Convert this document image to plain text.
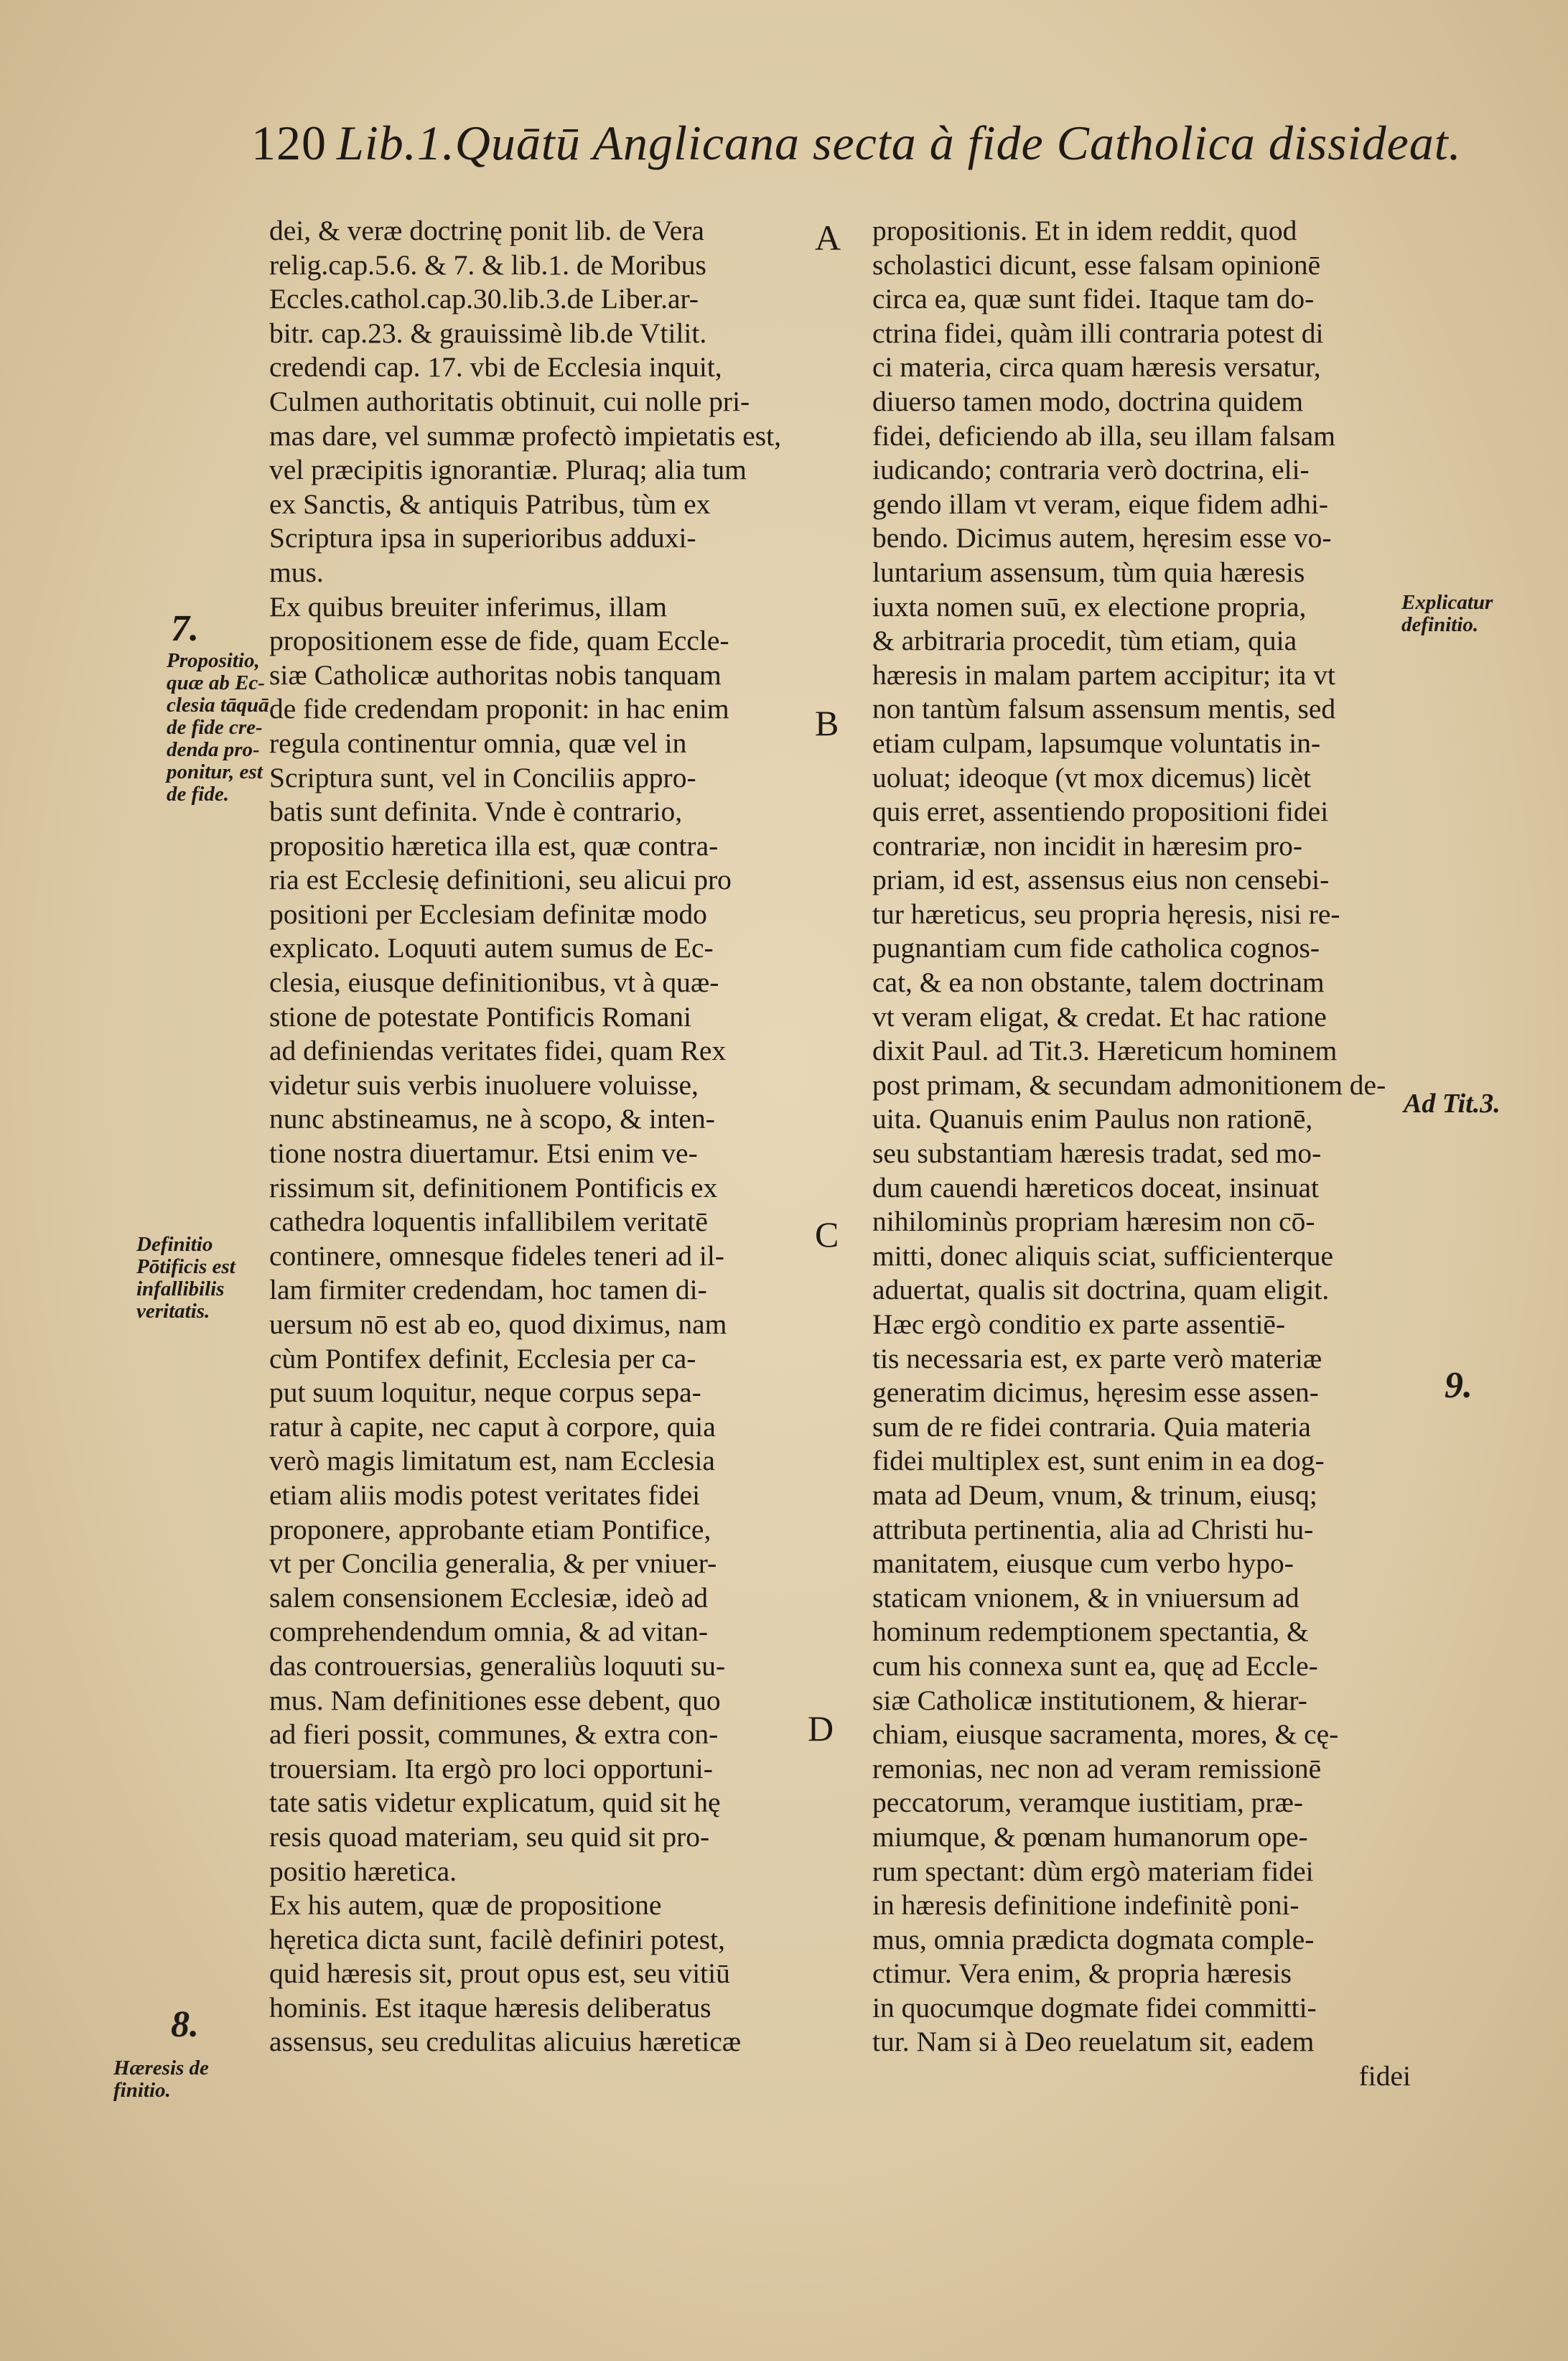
120 Lib.1.Quātū Anglicana secta à fide Catholica dissideat.
dei, & veræ doctrinę ponit lib. de Vera
relig.cap.5.6. & 7. & lib.1. de Moribus
Eccles.cathol.cap.30.lib.3.de Liber.ar-
bitr. cap.23. & grauissimè lib.de Vtilit.
credendi cap. 17. vbi de Ecclesia inquit,
Culmen authoritatis obtinuit, cui nolle pri-
mas dare, vel summæ profectò impietatis est,
vel præcipitis ignorantiæ. Pluraq; alia tum
ex Sanctis, & antiquis Patribus, tùm ex
Scriptura ipsa in superioribus adduxi-
mus.
Ex quibus breuiter inferimus, illam
propositionem esse de fide, quam Eccle-
siæ Catholicæ authoritas nobis tanquam
de fide credendam proponit: in hac enim
regula continentur omnia, quæ vel in
Scriptura sunt, vel in Conciliis appro-
batis sunt definita. Vnde è contrario,
propositio hæretica illa est, quæ contra-
ria est Ecclesię definitioni, seu alicui pro
positioni per Ecclesiam definitæ modo
explicato. Loquuti autem sumus de Ec-
clesia, eiusque definitionibus, vt à quæ-
stione de potestate Pontificis Romani
ad definiendas veritates fidei, quam Rex
videtur suis verbis inuoluere voluisse,
nunc abstineamus, ne à scopo, & inten-
tione nostra diuertamur. Etsi enim ve-
rissimum sit, definitionem Pontificis ex
cathedra loquentis infallibilem veritatē
continere, omnesque fideles teneri ad il-
lam firmiter credendam, hoc tamen di-
uersum nō est ab eo, quod diximus, nam
cùm Pontifex definit, Ecclesia per ca-
put suum loquitur, neque corpus sepa-
ratur à capite, nec caput à corpore, quia
verò magis limitatum est, nam Ecclesia
etiam aliis modis potest veritates fidei
proponere, approbante etiam Pontifice,
vt per Concilia generalia, & per vniuer-
salem consensionem Ecclesiæ, ideò ad
comprehendendum omnia, & ad vitan-
das controuersias, generaliùs loquuti su-
mus. Nam definitiones esse debent, quo
ad fieri possit, communes, & extra con-
trouersiam. Ita ergò pro loci opportuni-
tate satis videtur explicatum, quid sit hę
resis quoad materiam, seu quid sit pro-
positio hæretica.
Ex his autem, quæ de propositione
hęretica dicta sunt, facilè definiri potest,
quid hæresis sit, prout opus est, seu vitiū
hominis. Est itaque hæresis deliberatus
assensus, seu credulitas alicuius hæreticæ
propositionis. Et in idem reddit, quod
scholastici dicunt, esse falsam opinionē
circa ea, quæ sunt fidei. Itaque tam do-
ctrina fidei, quàm illi contraria potest di
ci materia, circa quam hæresis versatur,
diuerso tamen modo, doctrina quidem
fidei, deficiendo ab illa, seu illam falsam
iudicando; contraria verò doctrina, eli-
gendo illam vt veram, eique fidem adhi-
bendo. Dicimus autem, hęresim esse vo-
luntarium assensum, tùm quia hæresis
iuxta nomen suū, ex electione propria,
& arbitraria procedit, tùm etiam, quia
hæresis in malam partem accipitur; ita vt
non tantùm falsum assensum mentis, sed
etiam culpam, lapsumque voluntatis in-
uoluat; ideoque (vt mox dicemus) licèt
quis erret, assentiendo propositioni fidei
contrariæ, non incidit in hæresim pro-
priam, id est, assensus eius non censebi-
tur hæreticus, seu propria hęresis, nisi re-
pugnantiam cum fide catholica cognos-
cat, & ea non obstante, talem doctrinam
vt veram eligat, & credat. Et hac ratione
dixit Paul. ad Tit.3. Hæreticum hominem
post primam, & secundam admonitionem de-
uita. Quanuis enim Paulus non rationē,
seu substantiam hæresis tradat, sed mo-
dum cauendi hæreticos doceat, insinuat
nihilominùs propriam hæresim non cō-
mitti, donec aliquis sciat, sufficienterque
aduertat, qualis sit doctrina, quam eligit.
Hæc ergò conditio ex parte assentiē-
tis necessaria est, ex parte verò materiæ
generatim dicimus, hęresim esse assen-
sum de re fidei contraria. Quia materia
fidei multiplex est, sunt enim in ea dog-
mata ad Deum, vnum, & trinum, eiusq;
attributa pertinentia, alia ad Christi hu-
manitatem, eiusque cum verbo hypo-
staticam vnionem, & in vniuersum ad
hominum redemptionem spectantia, &
cum his connexa sunt ea, quę ad Eccle-
siæ Catholicæ institutionem, & hierar-
chiam, eiusque sacramenta, mores, & cę-
remonias, nec non ad veram remissionē
peccatorum, veramque iustitiam, præ-
miumque, & pœnam humanorum ope-
rum spectant: dùm ergò materiam fidei
in hæresis definitione indefinitè poni-
mus, omnia prædicta dogmata comple-
ctimur. Vera enim, & propria hæresis
in quocumque dogmate fidei committi-
tur. Nam si à Deo reuelatum sit, eadem
fidei
A
B
C
D
7.
Propositio,
quæ ab Ec-
clesia tāquā
de fide cre-
denda pro-
ponitur, est
de fide.
Definitio
Pōtificis est
infallibilis
veritatis.
8.
Hæresis de
finitio.
Explicatur
definitio.
Ad Tit.3.
9.
